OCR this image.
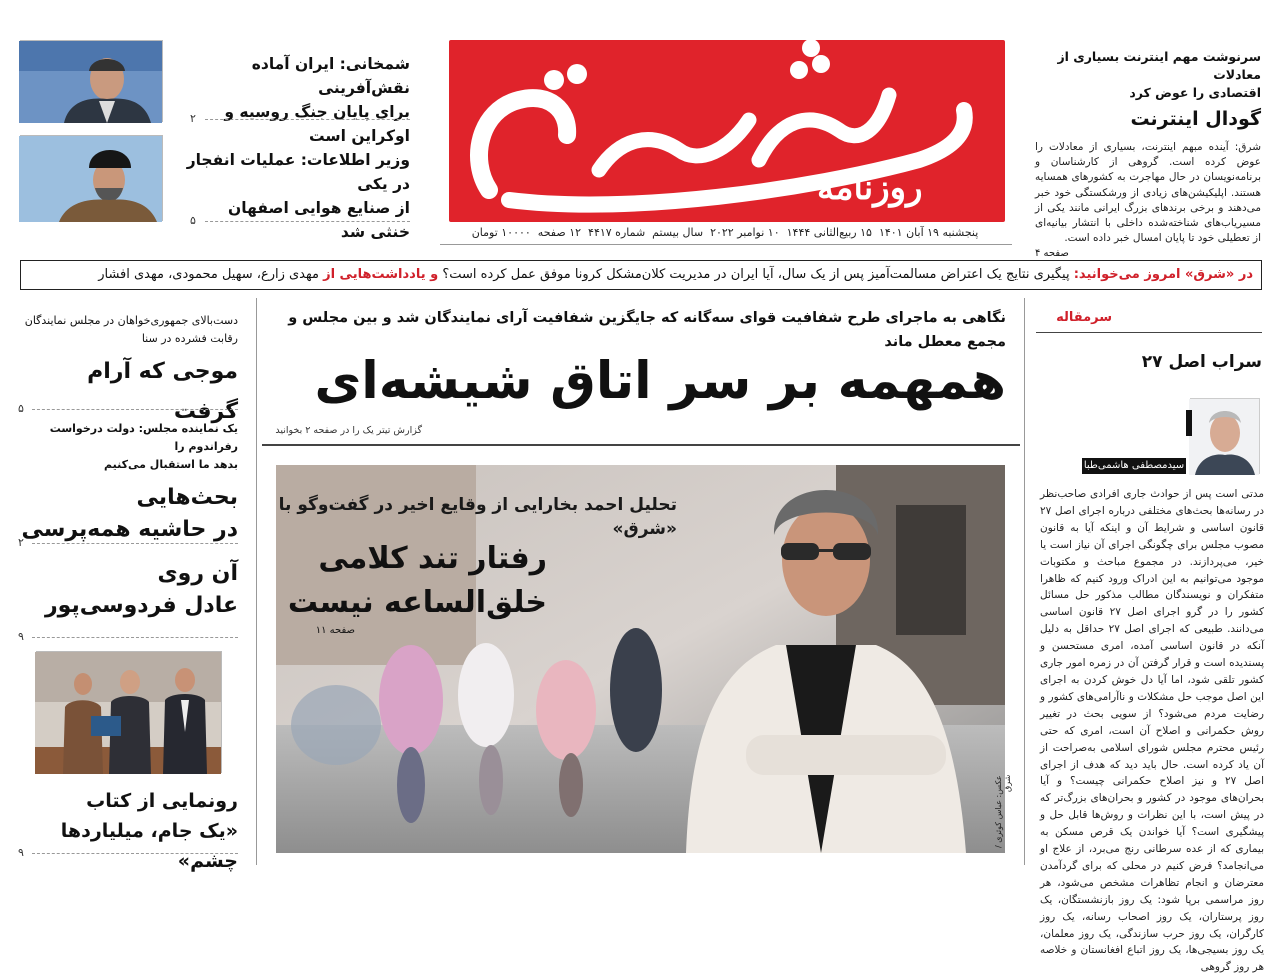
روزنامه
پنجشنبه ۱۹ آبان ۱۴۰۱ ‍ ۱۵ ربیع‌الثانی ۱۴۴۴ ‍ ۱۰ نوامبر ۲۰۲۲ ‍ سال بیستم ‍ شماره ۴۴۱۷ ‍ ۱۲ صفحه ‍ ۱۰۰۰۰ تومان
شمخانی: ایران آماده نقش‌آفرینی
برای پایان جنگ روسیه و اوکراین است
۲
وزیر اطلاعات: عملیات انفجار در یکی
از صنایع هوایی اصفهان خنثی شد
۵
سرنوشت مهم اینترنت بسیاری از معادلات
اقتصادی را عوض کرد
گودال اینترنت
شرق: آینده مبهم اینترنت، بسیاری از معادلات را عوض کرده است. گروهی از کارشناسان و برنامه‌نویسان در حال مهاجرت به کشورهای همسایه هستند. اپلیکیشن‌های زیادی از ورشکستگی خود خبر می‌دهند و برخی برندهای بزرگ ایرانی مانند یکی از مسیریاب‌های شناخته‌شده داخلی با انتشار بیانیه‌ای از تعطیلی خود تا پایان امسال خبر داده است.
صفحه ۴
در «شرق» امروز می‌خوانید: پیگیری نتایج یک اعتراض مسالمت‌آمیز پس از یک سال، آیا ایران در مدیریت کلان‌مشکل کرونا موفق عمل کرده است؟ و یادداشت‌هایی از مهدی زارع، سهیل محمودی، مهدی افشار
نگاهی به ماجرای طرح شفافیت قوای سه‌گانه که جایگزین شفافیت آرای نمایندگان شد و بین مجلس و مجمع معطل ماند
همهمه بر سر اتاق شیشه‌ای
گزارش تیتر یک را در صفحه ۲ بخوانید
تحلیل احمد بخارایی از وقایع اخیر در گفت‌وگو با «شرق»
رفتار تند کلامی
خلق‌الساعه نیست
صفحه ۱۱
عکس: عباس کوثری / شرق
سرمقاله
سراب اصل ۲۷
سیدمصطفی هاشمی‌طبا
مدتی است پس از حوادث جاری افرادی صاحب‌نظر در رسانه‌ها بحث‌های مختلفی درباره اجرای اصل ۲۷ قانون اساسی و شرایط آن و اینکه آیا به قانون مصوب مجلس برای چگونگی اجرای آن نیاز است یا خیر، می‌پردازند. در مجموع مباحث و مکتوبات موجود می‌توانیم به این ادراک ورود کنیم که ظاهرا متفکران و نویسندگان مطالب مذکور حل مسائل کشور را در گرو اجرای اصل ۲۷ قانون اساسی می‌دانند. طبیعی که اجرای اصل ۲۷ حداقل به دلیل آنکه در قانون اساسی آمده، امری مستحسن و پسندیده است و قرار گرفتن آن در زمره امور جاری کشور تلقی شود، اما آیا دل خوش کردن به اجرای این اصل موجب حل مشکلات و ناآرامی‌های کشور و رضایت مردم می‌شود؟ از سویی بحث در تغییر روش حکمرانی و اصلاح آن است، امری که حتی رئیس محترم مجلس شورای اسلامی به‌صراحت از آن یاد کرده است. حال باید دید که هدف از اجرای اصل ۲۷ و نیز اصلاح حکمرانی چیست؟ و آیا بحران‌های موجود در کشور و بحران‌های بزرگ‌تر که در پیش است، با این نظرات و روش‌ها قابل حل و پیشگیری است؟ آیا خواندن یک قرص مسکن به بیماری که از عده سرطانی رنج می‌برد، از علاج او می‌انجامد؟ فرض کنیم در محلی که برای گردآمدن معترضان و انجام تظاهرات مشخص می‌شود، هر روز مراسمی برپا شود: یک روز بازنشستگان، یک روز پرستاران، یک روز اصحاب رسانه، یک روز کارگران، یک روز حرب سازندگی، یک روز معلمان، یک روز بسیجی‌ها، یک روز اتباع افغانستان و خلاصه هر روز گروهی
دست‌بالای جمهوری‌خواهان در مجلس نمایندگان
رقابت فشرده در سنا
موجی که آرام گرفت
۵
یک نماینده مجلس: دولت درخواست رفراندوم را
بدهد ما استقبال می‌کنیم
بحث‌هایی
در حاشیه همه‌پرسی
۲
آن روی
عادل فردوسی‌پور
۹
رونمایی از کتاب
«یک جام، میلیاردها چشم»
۹
